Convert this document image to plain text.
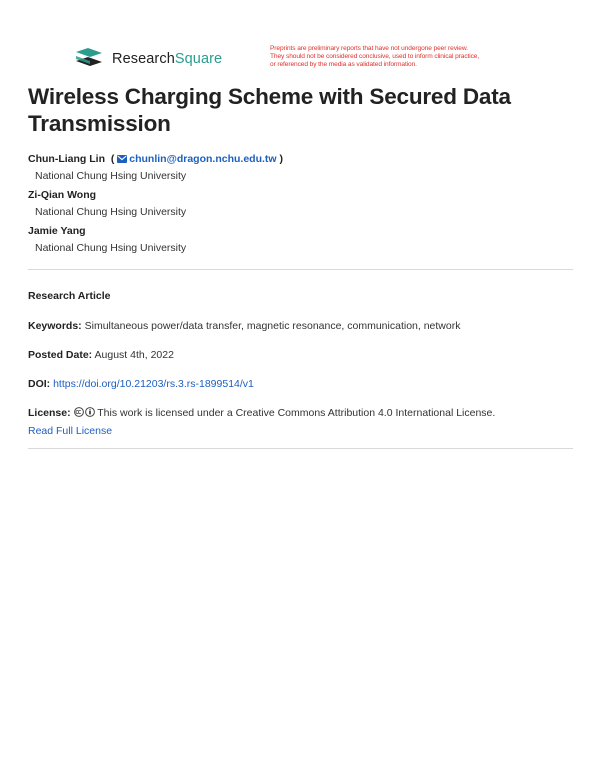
ResearchSquare
Preprints are preliminary reports that have not undergone peer review.
They should not be considered conclusive, used to inform clinical practice,
or referenced by the media as validated information.
Wireless Charging Scheme with Secured Data Transmission
Chun-Liang Lin  ( chunlin@dragon.nchu.edu.tw )
National Chung Hsing University
Zi-Qian Wong
National Chung Hsing University
Jamie Yang
National Chung Hsing University
Research Article
Keywords: Simultaneous power/data transfer, magnetic resonance, communication, network
Posted Date: August 4th, 2022
DOI: https://doi.org/10.21203/rs.3.rs-1899514/v1
License:	This work is licensed under a Creative Commons Attribution 4.0 International License.
Read Full License
